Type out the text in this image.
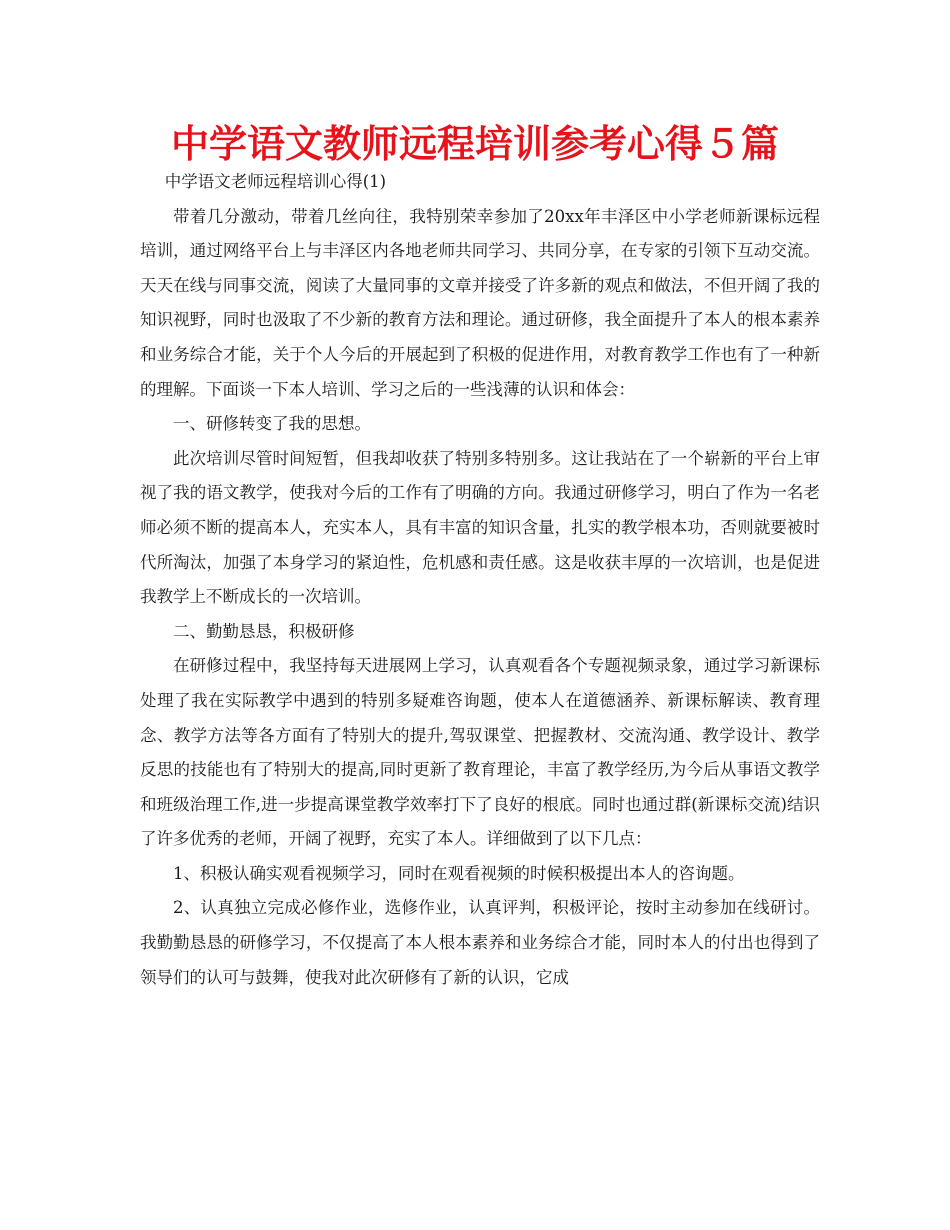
中学语文教师远程培训参考心得５篇

中学语文老师远程培训心得(1)

带着几分激动，带着几丝向往，我特别荣幸参加了20xx年丰泽区中小学老师新课标远程培训，通过网络平台上与丰泽区内各地老师共同学习、共同分享，在专家的引领下互动交流。天天在线与同事交流，阅读了大量同事的文章并接受了许多新的观点和做法，不但开阔了我的知识视野，同时也汲取了不少新的教育方法和理论。通过研修，我全面提升了本人的根本素养和业务综合才能，关于个人今后的开展起到了积极的促进作用，对教育教学工作也有了一种新的理解。下面谈一下本人培训、学习之后的一些浅薄的认识和体会：

一、研修转变了我的思想。

此次培训尽管时间短暂，但我却收获了特别多特别多。这让我站在了一个崭新的平台上审视了我的语文教学，使我对今后的工作有了明确的方向。我通过研修学习，明白了作为一名老师必须不断的提高本人，充实本人，具有丰富的知识含量，扎实的教学根本功，否则就要被时代所淘汰，加强了本身学习的紧迫性，危机感和责任感。这是收获丰厚的一次培训，也是促进我教学上不断成长的一次培训。

二、勤勤恳恳，积极研修

在研修过程中，我坚持每天进展网上学习，认真观看各个专题视频录象，通过学习新课标处理了我在实际教学中遇到的特别多疑难咨询题，使本人在道德涵养、新课标解读、教育理念、教学方法等各方面有了特别大的提升,驾驭课堂、把握教材、交流沟通、教学设计、教学反思的技能也有了特别大的提高,同时更新了教育理论，丰富了教学经历,为今后从事语文教学和班级治理工作,进一步提高课堂教学效率打下了良好的根底。同时也通过群(新课标交流)结识了许多优秀的老师，开阔了视野，充实了本人。详细做到了以下几点：

1、积极认确实观看视频学习，同时在观看视频的时候积极提出本人的咨询题。

2、认真独立完成必修作业，选修作业，认真评判，积极评论，按时主动参加在线研讨。我勤勤恳恳的研修学习，不仅提高了本人根本素养和业务综合才能，同时本人的付出也得到了领导们的认可与鼓舞，使我对此次研修有了新的认识，它成
